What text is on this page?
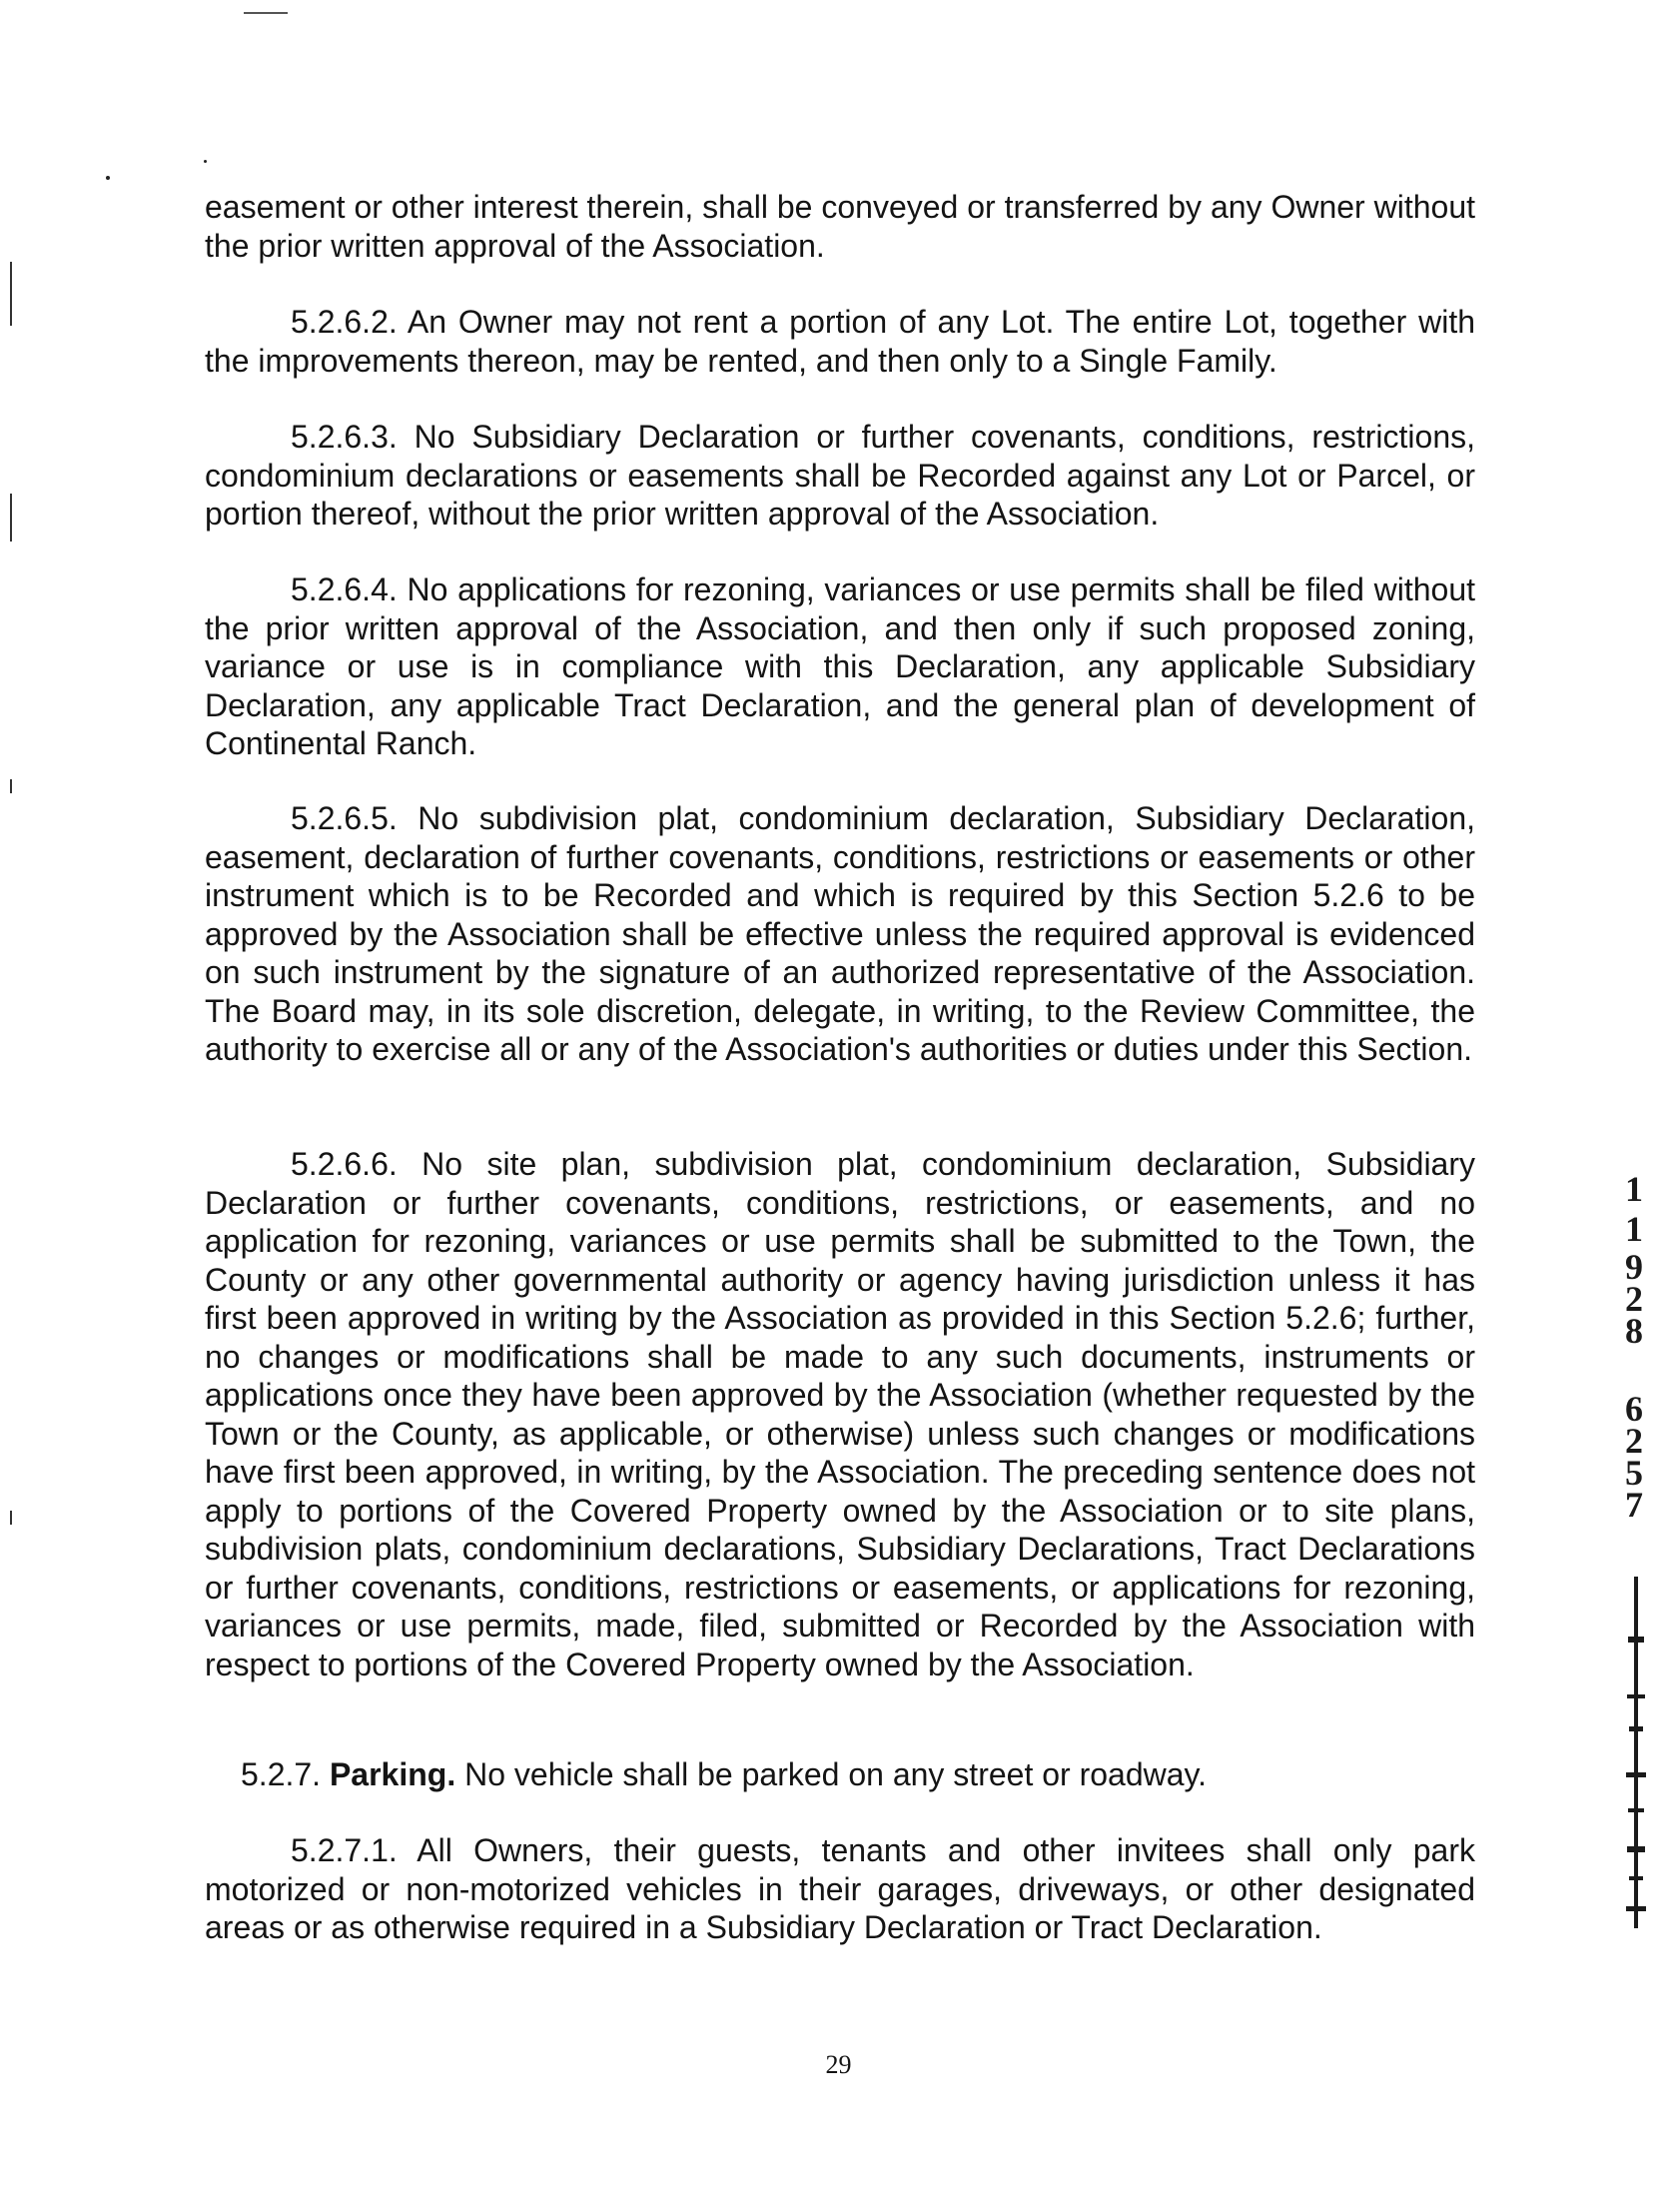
easement or other interest therein, shall be conveyed or transferred by any Owner without the prior written approval of the Association.

5.2.6.2. An Owner may not rent a portion of any Lot. The entire Lot, together with the improvements thereon, may be rented, and then only to a Single Family.

5.2.6.3. No Subsidiary Declaration or further covenants, conditions, restrictions, condominium declarations or easements shall be Recorded against any Lot or Parcel, or portion thereof, without the prior written approval of the Association.

5.2.6.4. No applications for rezoning, variances or use permits shall be filed without the prior written approval of the Association, and then only if such proposed zoning, variance or use is in compliance with this Declaration, any applicable Subsidiary Declaration, any applicable Tract Declaration, and the general plan of development of Continental Ranch.

5.2.6.5. No subdivision plat, condominium declaration, Subsidiary Declaration, easement, declaration of further covenants, conditions, restrictions or easements or other instrument which is to be Recorded and which is required by this Section 5.2.6 to be approved by the Association shall be effective unless the required approval is evidenced on such instrument by the signature of an authorized representative of the Association. The Board may, in its sole discretion, delegate, in writing, to the Review Committee, the authority to exercise all or any of the Association's authorities or duties under this Section.

5.2.6.6. No site plan, subdivision plat, condominium declaration, Subsidiary Declaration or further covenants, conditions, restrictions, or easements, and no application for rezoning, variances or use permits shall be submitted to the Town, the County or any other governmental authority or agency having jurisdiction unless it has first been approved in writing by the Association as provided in this Section 5.2.6; further, no changes or modifications shall be made to any such documents, instruments or applications once they have been approved by the Association (whether requested by the Town or the County, as applicable, or otherwise) unless such changes or modifications have first been approved, in writing, by the Association. The preceding sentence does not apply to portions of the Covered Property owned by the Association or to site plans, subdivision plats, condominium declarations, Subsidiary Declarations, Tract Declarations or further covenants, conditions, restrictions or easements, or applications for rezoning, variances or use permits, made, filed, submitted or Recorded by the Association with respect to portions of the Covered Property owned by the Association.

5.2.7. Parking. No vehicle shall be parked on any street or roadway.

5.2.7.1. All Owners, their guests, tenants and other invitees shall only park motorized or non-motorized vehicles in their garages, driveways, or other designated areas or as otherwise required in a Subsidiary Declaration or Tract Declaration.

29
1
1
9
2
8
6
2
5
7
